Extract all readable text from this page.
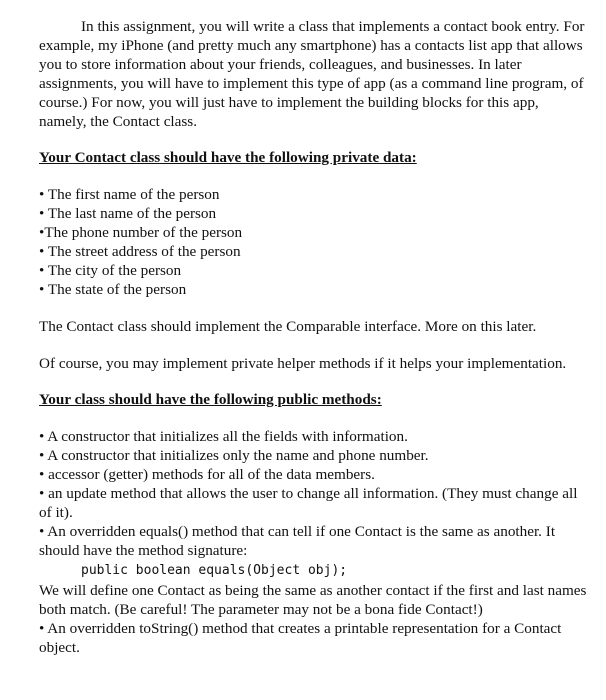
In this assignment, you will write a class that implements a contact book entry. For example, my iPhone (and pretty much any smartphone) has a contacts list app that allows you to store information about your friends, colleagues, and businesses. In later assignments, you will have to implement this type of app (as a command line program, of course.) For now, you will just have to implement the building blocks for this app, namely, the Contact class.

Your Contact class should have the following private data:

• The first name of the person
• The last name of the person
•The phone number of the person
• The street address of the person
• The city of the person
• The state of the person

The Contact class should implement the Comparable interface. More on this later.

Of course, you may implement private helper methods if it helps your implementation.

Your class should have the following public methods:

• A constructor that initializes all the fields with information.

• A constructor that initializes only the name and phone number.

• accessor (getter) methods for all of the data members.

• an update method that allows the user to change all information. (They must change all of it).

• An overridden equals() method that can tell if one Contact is the same as another. It should have the method signature:

public boolean equals(Object obj);

We will define one Contact as being the same as another contact if the first and last names both match. (Be careful! The parameter may not be a bona fide Contact!)

• An overridden toString() method that creates a printable representation for a Contact object.
